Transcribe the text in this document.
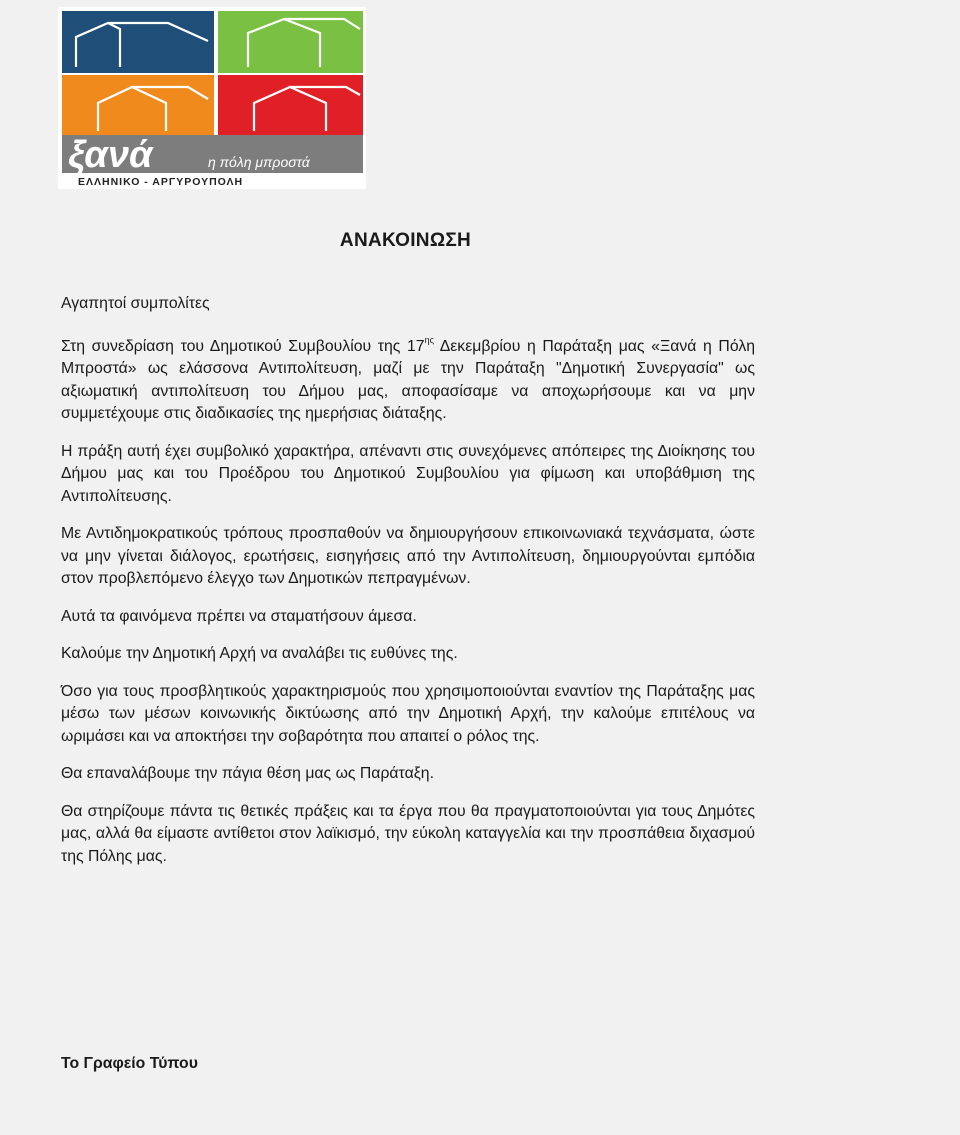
ξανά	η πόλη μπροστά
ΕΛΛΗΝΙΚΟ - ΑΡΓΥΡΟΥΠΟΛΗ
ΑΝΑΚΟΙΝΩΣΗ

Αγαπητοί συμπολίτες

Στη συνεδρίαση του Δημοτικού Συμβουλίου της $17^{\eta\varsigma}$ Δεκεμβρίου η Παράταξη μας «Ξανά η Πόλη Μπροστά» ως ελάσσονα Αντιπολίτευση, μαζί με την Παράταξη "Δημοτική Συνεργασία" ως αξιωματική αντιπολίτευση του Δήμου μας, αποφασίσαμε να αποχωρήσουμε και να μην συμμετέχουμε στις διαδικασίες της ημερήσιας διάταξης.

Η πράξη αυτή έχει συμβολικό χαρακτήρα, απέναντι στις συνεχόμενες απόπειρες της Διοίκησης του Δήμου μας και του Προέδρου του Δημοτικού Συμβουλίου για φίμωση και υποβάθμιση της Αντιπολίτευσης.

Με Αντιδημοκρατικούς τρόπους προσπαθούν να δημιουργήσουν επικοινωνιακά τεχνάσματα, ώστε να μην γίνεται διάλογος, ερωτήσεις, εισηγήσεις από την Αντιπολίτευση, δημιουργούνται εμπόδια στον προβλεπόμενο έλεγχο των Δημοτικών πεπραγμένων.

Αυτά τα φαινόμενα πρέπει να σταματήσουν άμεσα.

Καλούμε την Δημοτική Αρχή να αναλάβει τις ευθύνες της.

Όσο για τους προσβλητικούς χαρακτηρισμούς που χρησιμοποιούνται εναντίον της Παράταξης μας μέσω των μέσων κοινωνικής δικτύωσης από την Δημοτική Αρχή, την καλούμε επιτέλους να ωριμάσει και να αποκτήσει την σοβαρότητα που απαιτεί ο ρόλος της.

Θα επαναλάβουμε την πάγια θέση μας ως Παράταξη.

Θα στηρίζουμε πάντα τις θετικές πράξεις και τα έργα που θα πραγματοποιούνται για τους Δημότες μας, αλλά θα είμαστε αντίθετοι στον λαϊκισμό, την εύκολη καταγγελία και την προσπάθεια διχασμού της Πόλης μας.

Το Γραφείο Τύπου
